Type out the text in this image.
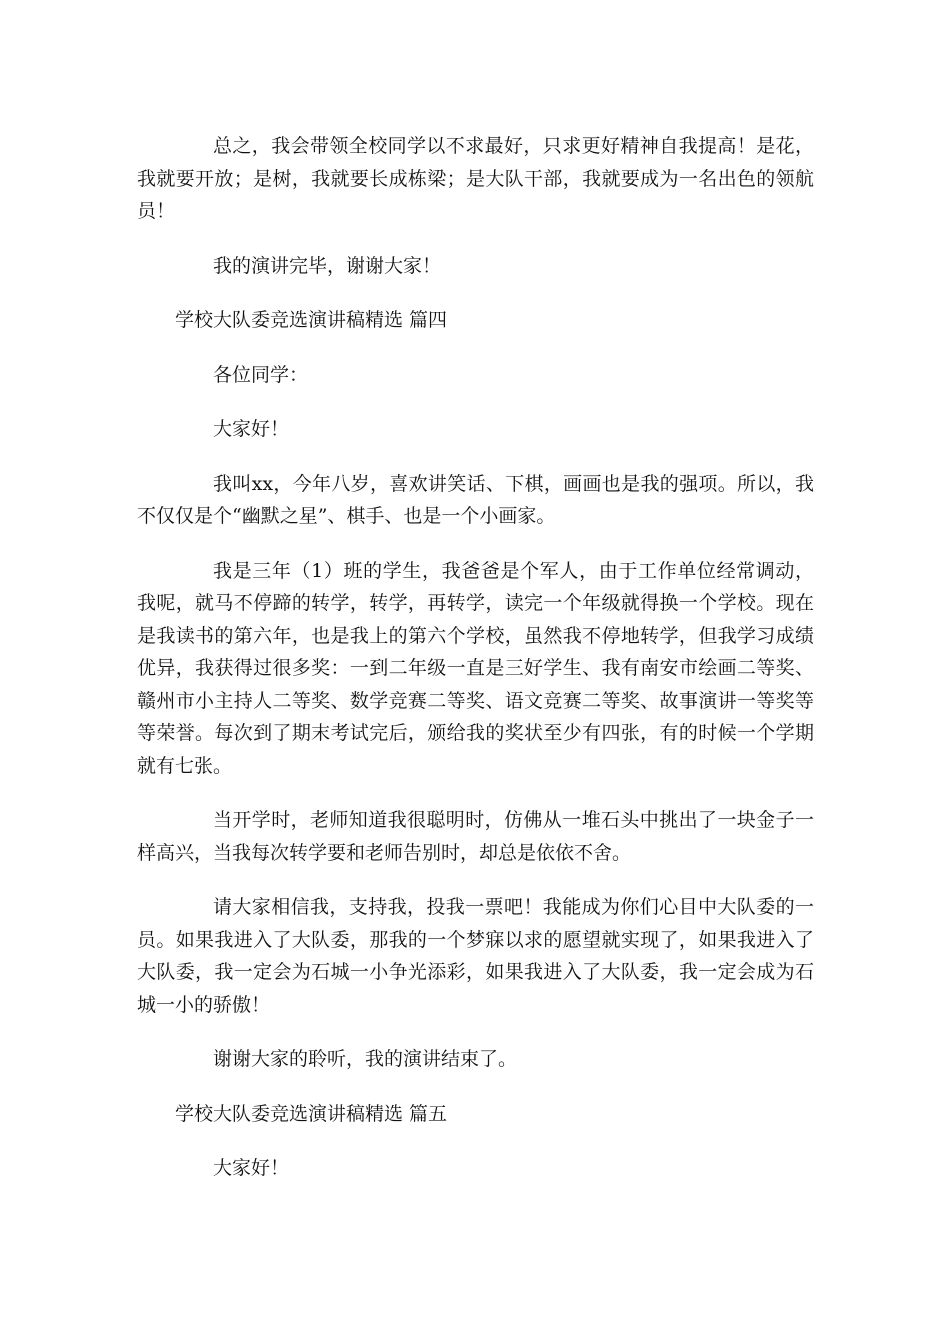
总之，我会带领全校同学以不求最好，只求更好精神自我提高！是花，我就要开放；是树，我就要长成栋梁；是大队干部，我就要成为一名出色的领航员！

我的演讲完毕，谢谢大家！

学校大队委竞选演讲稿精选 篇四

各位同学：

大家好！

我叫xx，今年八岁，喜欢讲笑话、下棋，画画也是我的强项。所以，我不仅仅是个“幽默之星”、棋手、也是一个小画家。

我是三年（1）班的学生，我爸爸是个军人，由于工作单位经常调动，我呢，就马不停蹄的转学，转学，再转学，读完一个年级就得换一个学校。现在是我读书的第六年，也是我上的第六个学校，虽然我不停地转学，但我学习成绩优异，我获得过很多奖：一到二年级一直是三好学生、我有南安市绘画二等奖、赣州市小主持人二等奖、数学竞赛二等奖、语文竞赛二等奖、故事演讲一等奖等等荣誉。每次到了期末考试完后，颁给我的奖状至少有四张，有的时候一个学期就有七张。

当开学时，老师知道我很聪明时，仿佛从一堆石头中挑出了一块金子一样高兴，当我每次转学要和老师告别时，却总是依依不舍。

请大家相信我，支持我，投我一票吧！我能成为你们心目中大队委的一员。如果我进入了大队委，那我的一个梦寐以求的愿望就实现了，如果我进入了大队委，我一定会为石城一小争光添彩，如果我进入了大队委，我一定会成为石城一小的骄傲！

谢谢大家的聆听，我的演讲结束了。

学校大队委竞选演讲稿精选 篇五

大家好！
